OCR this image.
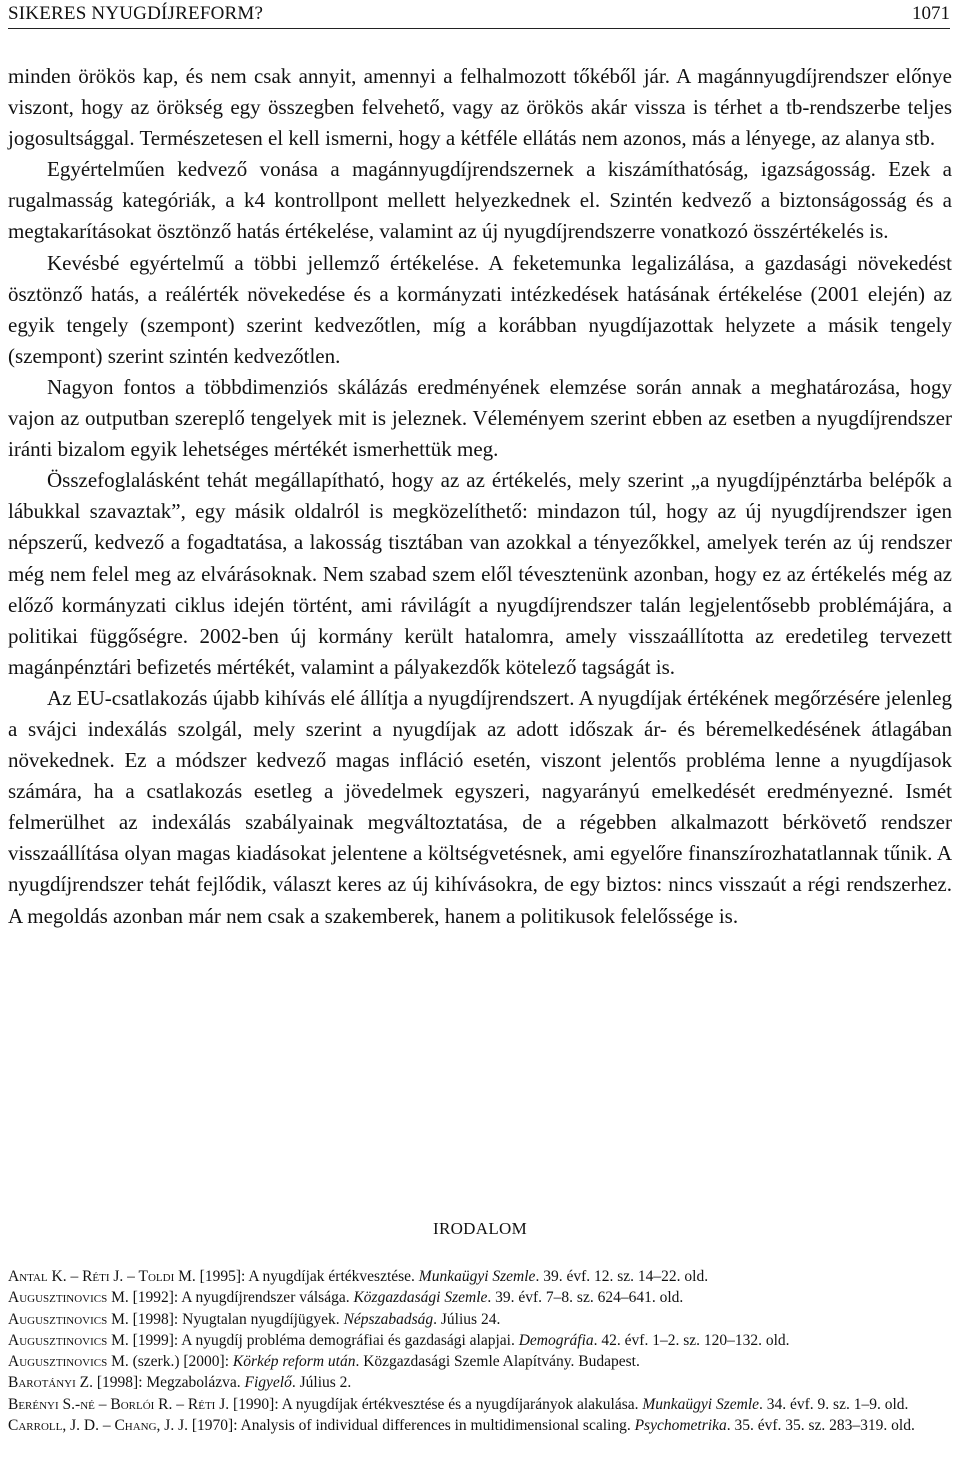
SIKERES NYUGDÍJREFORM?	1071

minden örökös kap, és nem csak annyit, amennyi a felhalmozott tőkéből jár. A magánnyugdíjrendszer előnye viszont, hogy az örökség egy összegben felvehető, vagy az örökös akár vissza is térhet a tb-rendszerbe teljes jogosultsággal. Természetesen el kell ismerni, hogy a kétféle ellátás nem azonos, más a lényege, az alanya stb.

Egyértelműen kedvező vonása a magánnyugdíjrendszernek a kiszámíthatóság, igazságosság. Ezek a rugalmasság kategóriák, a k4 kontrollpont mellett helyezkednek el. Szintén kedvező a biztonságosság és a megtakarításokat ösztönző hatás értékelése, valamint az új nyugdíjrendszerre vonatkozó összértékelés is.

Kevésbé egyértelmű a többi jellemző értékelése. A feketemunka legalizálása, a gazdasági növekedést ösztönző hatás, a reálérték növekedése és a kormányzati intézkedések hatásának értékelése (2001 elején) az egyik tengely (szempont) szerint kedvezőtlen, míg a korábban nyugdíjazottak helyzete a másik tengely (szempont) szerint szintén kedvezőtlen.

Nagyon fontos a többdimenziós skálázás eredményének elemzése során annak a meghatározása, hogy vajon az outputban szereplő tengelyek mit is jeleznek. Véleményem szerint ebben az esetben a nyugdíjrendszer iránti bizalom egyik lehetséges mértékét ismerhettük meg.

Összefoglalásként tehát megállapítható, hogy az az értékelés, mely szerint „a nyugdíjpénztárba belépők a lábukkal szavaztak”, egy másik oldalról is megközelíthető: mindazon túl, hogy az új nyugdíjrendszer igen népszerű, kedvező a fogadtatása, a lakosság tisztában van azokkal a tényezőkkel, amelyek terén az új rendszer még nem felel meg az elvárásoknak. Nem szabad szem elől tévesztenünk azonban, hogy ez az értékelés még az előző kormányzati ciklus idején történt, ami rávilágít a nyugdíjrendszer talán legjelentősebb problémájára, a politikai függőségre. 2002-ben új kormány került hatalomra, amely visszaállította az eredetileg tervezett magánpénztári befizetés mértékét, valamint a pályakezdők kötelező tagságát is.

Az EU-csatlakozás újabb kihívás elé állítja a nyugdíjrendszert. A nyugdíjak értékének megőrzésére jelenleg a svájci indexálás szolgál, mely szerint a nyugdíjak az adott időszak ár- és béremelkedésének átlagában növekednek. Ez a módszer kedvező magas infláció esetén, viszont jelentős probléma lenne a nyugdíjasok számára, ha a csatlakozás esetleg a jövedelmek egyszeri, nagyarányú emelkedését eredményezné. Ismét felmerülhet az indexálás szabályainak megváltoztatása, de a régebben alkalmazott bérkövető rendszer visszaállítása olyan magas kiadásokat jelentene a költségvetésnek, ami egyelőre finanszírozhatatlannak tűnik. A nyugdíjrendszer tehát fejlődik, választ keres az új kihívásokra, de egy biztos: nincs visszaút a régi rendszerhez. A megoldás azonban már nem csak a szakemberek, hanem a politikusok felelőssége is.

IRODALOM
Antal K. – Réti J. – Toldi M. [1995]: A nyugdíjak értékvesztése. Munkaügyi Szemle. 39. évf. 12. sz. 14–22. old.
Augusztinovics M. [1992]: A nyugdíjrendszer válsága. Közgazdasági Szemle. 39. évf. 7–8. sz. 624–641. old.
Augusztinovics M. [1998]: Nyugtalan nyugdíjügyek. Népszabadság. Július 24.
Augusztinovics M. [1999]: A nyugdíj probléma demográfiai és gazdasági alapjai. Demográfia. 42. évf. 1–2. sz. 120–132. old.
Augusztinovics M. (szerk.) [2000]: Körkép reform után. Közgazdasági Szemle Alapítvány. Budapest.
Barotányi Z. [1998]: Megzabolázva. Figyelő. Július 2.
Berényi S.-né – Borlói R. – Réti J. [1990]: A nyugdíjak értékvesztése és a nyugdíjarányok alakulása. Munkaügyi Szemle. 34. évf. 9. sz. 1–9. old.
Carroll, J. D. – Chang, J. J. [1970]: Analysis of individual differences in multidimensional scaling. Psychometrika. 35. évf. 35. sz. 283–319. old.
